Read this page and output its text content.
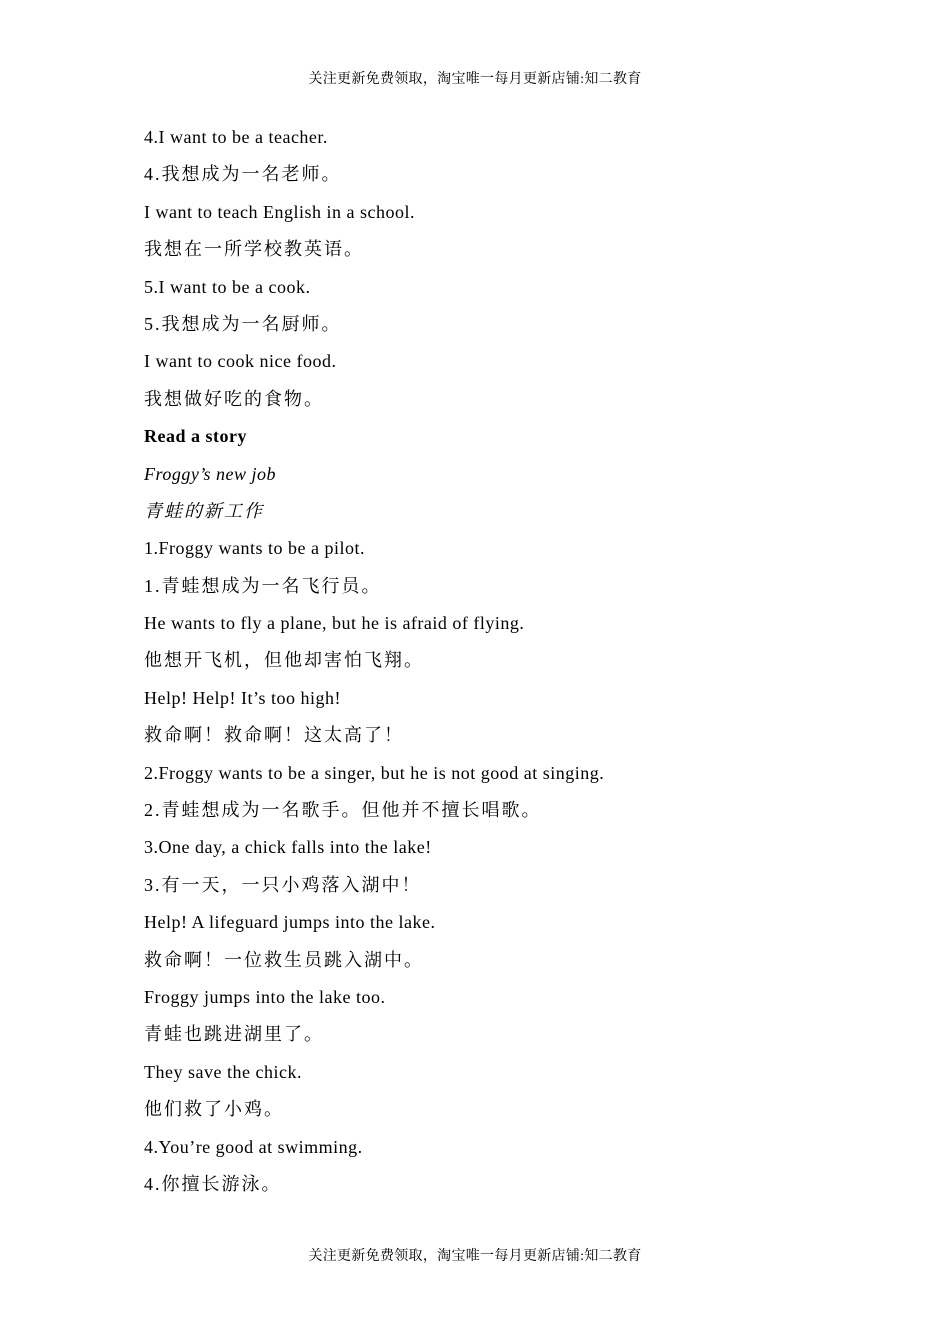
关注更新免费领取，淘宝唯一每月更新店铺:知二教育
4.I want to be a teacher.
4.我想成为一名老师。
I want to teach English in a school.
我想在一所学校教英语。
5.I want to be a cook.
5.我想成为一名厨师。
I want to cook nice food.
我想做好吃的食物。
Read a story
Froggy’s new job
青蛙的新工作
1.Froggy wants to be a pilot.
1.青蛙想成为一名飞行员。
He wants to fly a plane, but he is afraid of flying.
他想开飞机，但他却害怕飞翔。
Help! Help! It’s too high!
救命啊！救命啊！这太高了！
2.Froggy wants to be a singer, but he is not good at singing.
2.青蛙想成为一名歌手。但他并不擅长唱歌。
3.One day, a chick falls into the lake!
3.有一天，一只小鸡落入湖中！
Help! A lifeguard jumps into the lake.
救命啊！一位救生员跳入湖中。
Froggy jumps into the lake too.
青蛙也跳进湖里了。
They save the chick.
他们救了小鸡。
4.You’re good at swimming.
4.你擅长游泳。
关注更新免费领取，淘宝唯一每月更新店铺:知二教育
